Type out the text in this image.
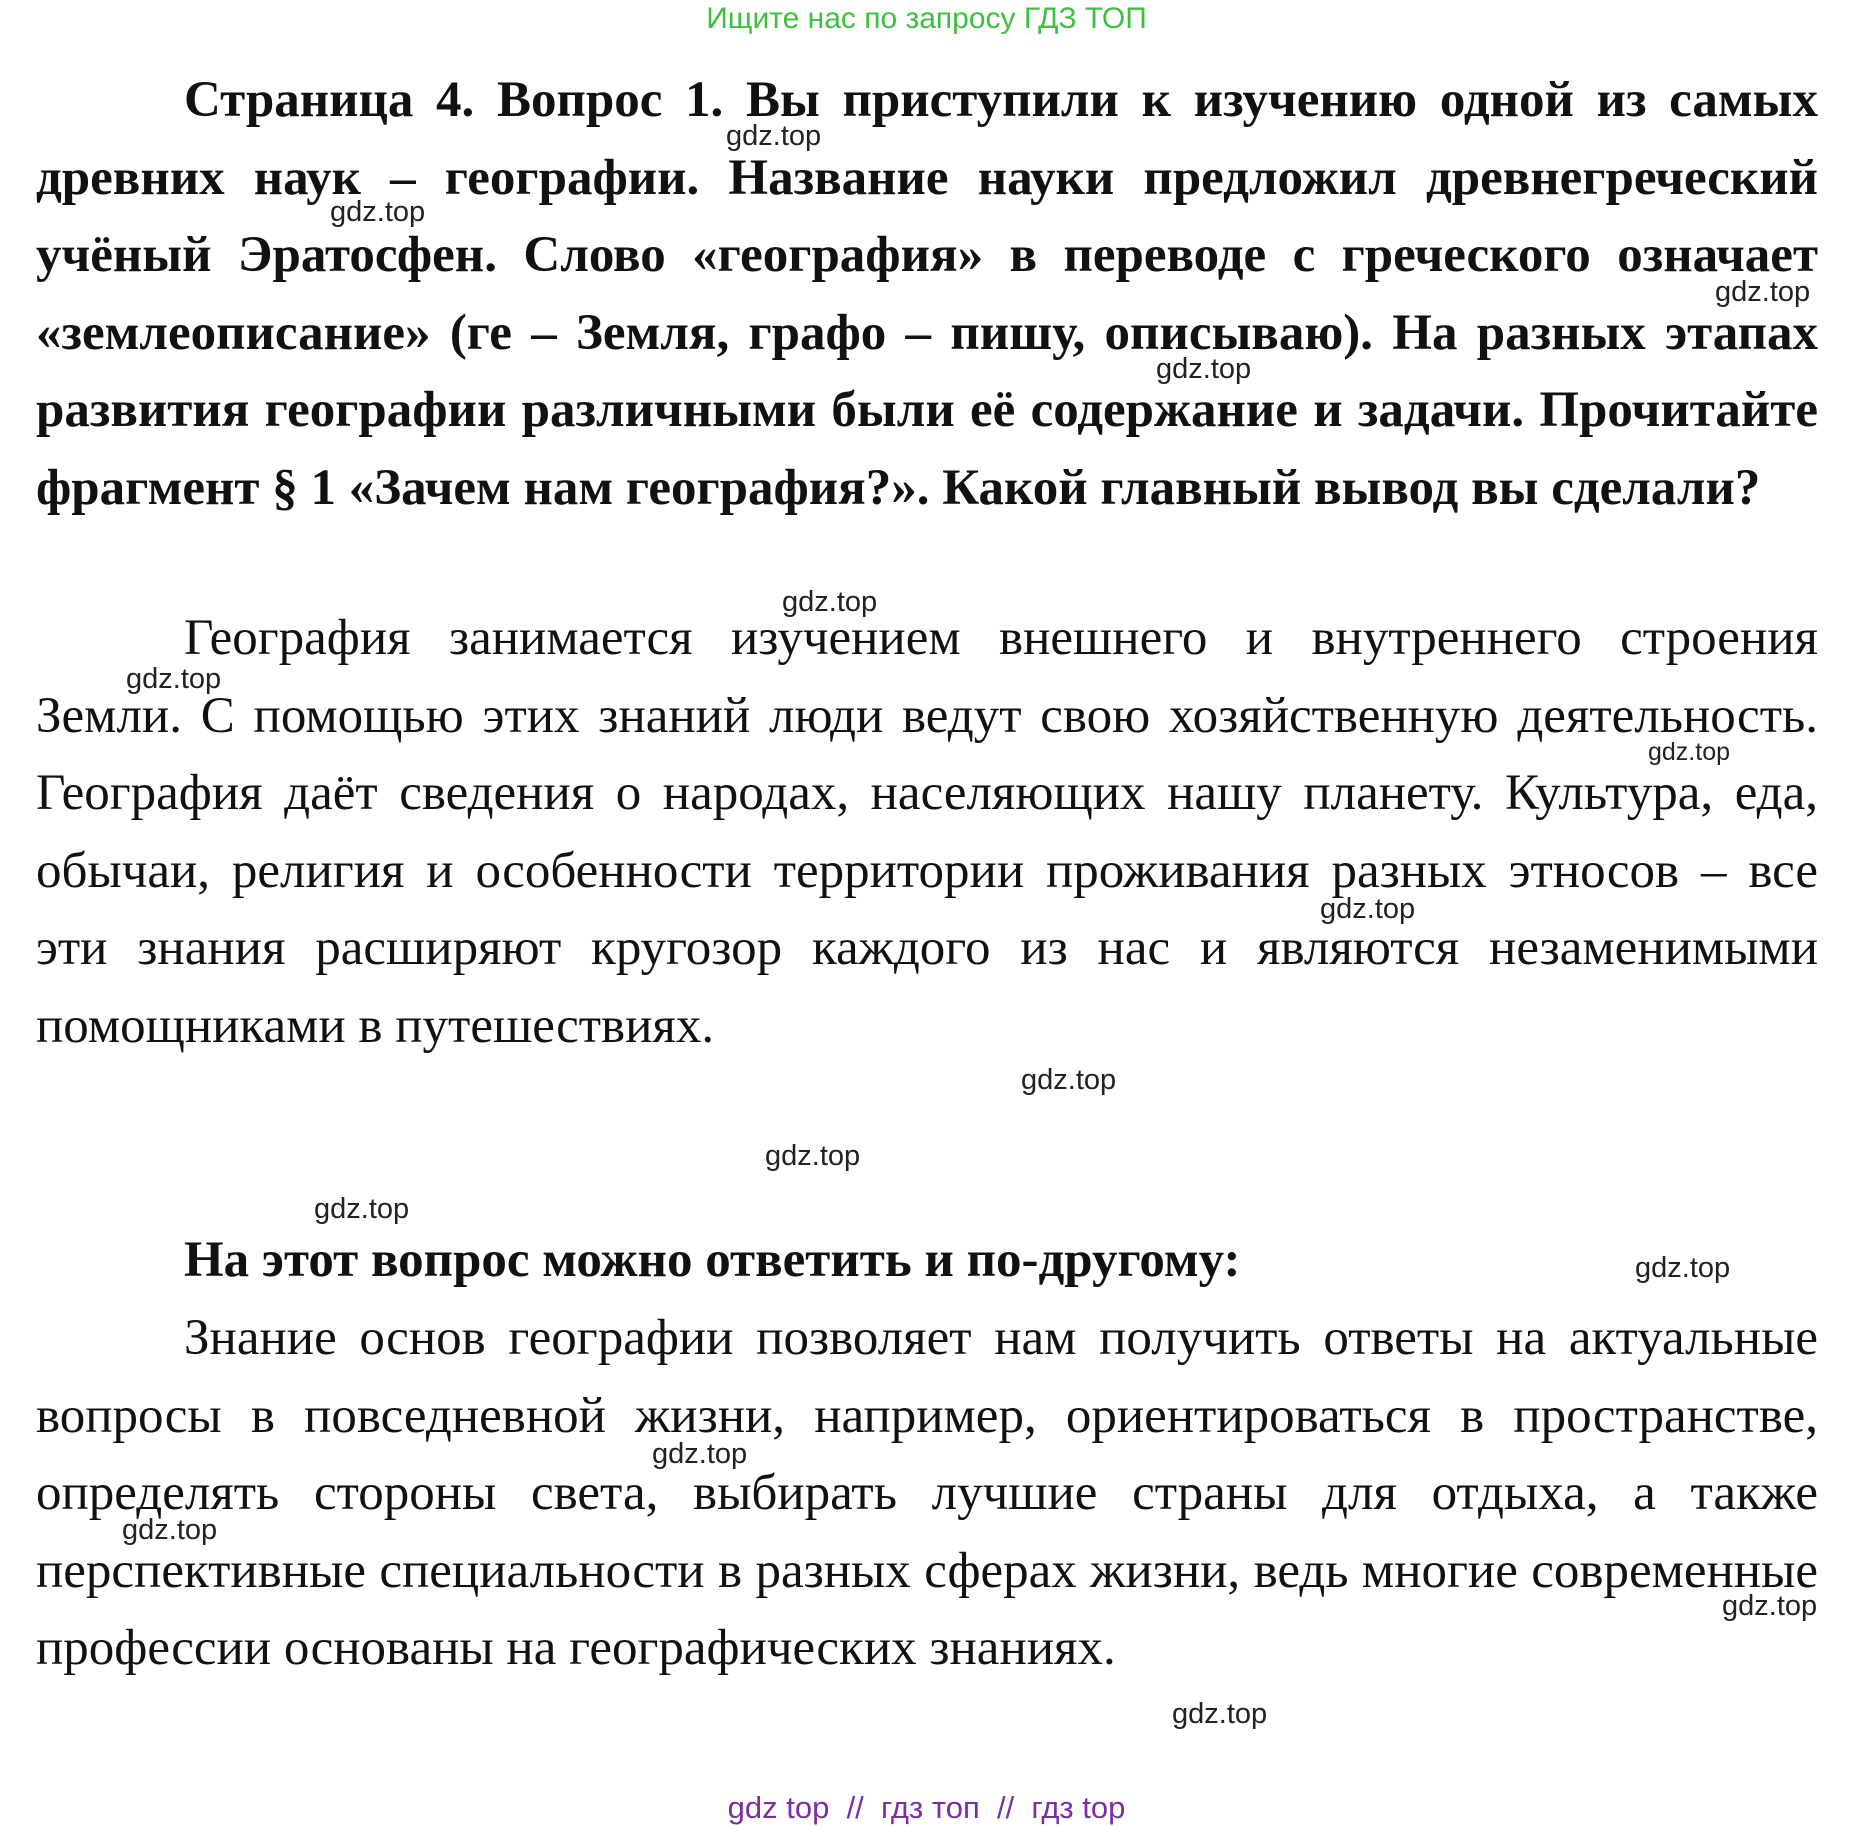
Ищите нас по запросу ГДЗ ТОП

Страница 4. Вопрос 1. Вы приступили к изучению одной из самых древних наук – географии. Название науки предложил древнегреческий учёный Эратосфен. Слово «география» в переводе с греческого означает «землеописание» (ге – Земля, графо – пишу, описываю). На разных этапах развития географии различными были её содержание и задачи. Прочитайте фрагмент § 1 «Зачем нам география?». Какой главный вывод вы сделали?

География занимается изучением внешнего и внутреннего строения Земли. С помощью этих знаний люди ведут свою хозяйственную деятельность. География даёт сведения о народах, населяющих нашу планету. Культура, еда, обычаи, религия и особенности территории проживания разных этносов – все эти знания расширяют кругозор каждого из нас и являются незаменимыми помощниками в путешествиях.

На этот вопрос можно ответить и по-другому:

Знание основ географии позволяет нам получить ответы на актуальные вопросы в повседневной жизни, например, ориентироваться в пространстве, определять стороны света, выбирать лучшие страны для отдыха, а также перспективные специальности в разных сферах жизни, ведь многие современные профессии основаны на географических знаниях.

gdz.top
gdz.top
gdz.top
gdz.top
gdz.top
gdz.top
gdz.top
gdz.top
gdz.top
gdz.top
gdz.top
gdz.top
gdz.top
gdz.top
gdz.top
gdz.top
gdz top  //  гдз топ  //  гдз top
